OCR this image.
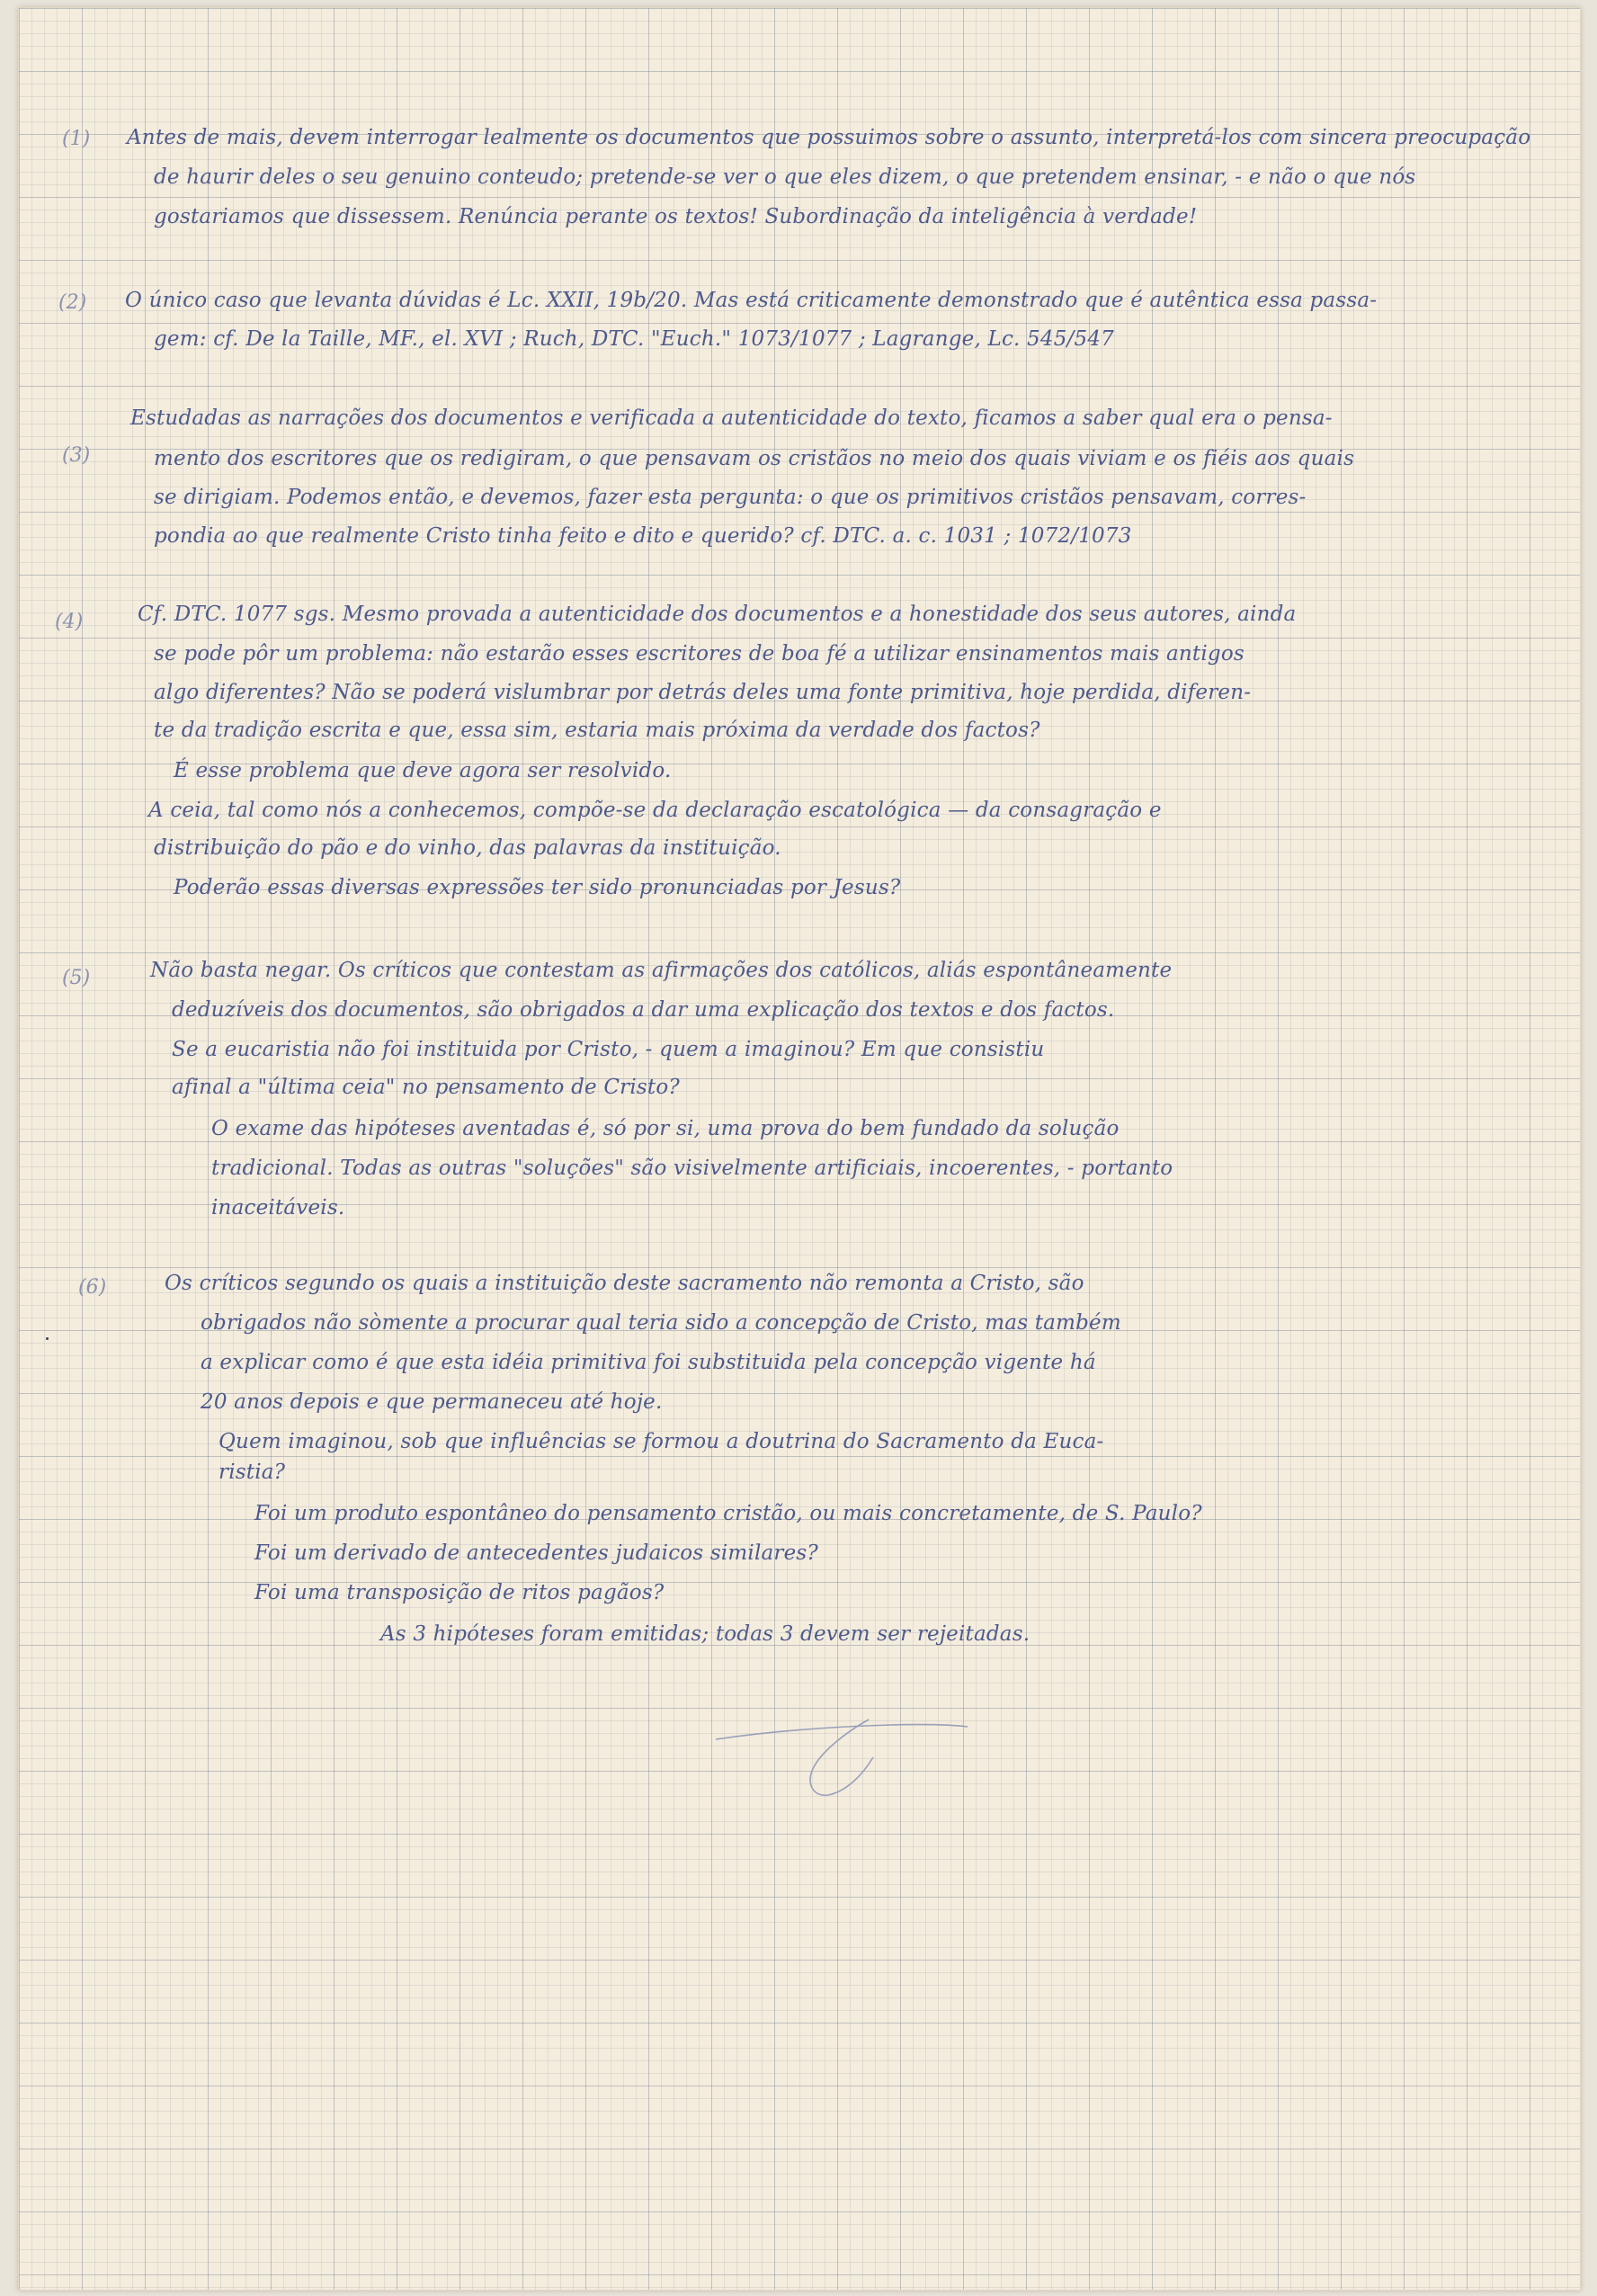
(1) Antes de mais, devem interrogar lealmente os documentos que possuimos sobre o assunto, interpretá-los com sincera preocupação

de haurir deles o seu genuino conteudo; pretende-se ver o que eles dizem, o que pretendem ensinar, - e não o que nós

gostariamos que dissessem. Renúncia perante os textos! Subordinação da inteligência à verdade!

(2) O único caso que levanta dúvidas é Lc. XXII, 19b/20. Mas está criticamente demonstrado que é autêntica essa passa-

gem: cf. De la Taille, MF., el. XVI ; Ruch, DTC. "Euch." 1073/1077 ; Lagrange, Lc. 545/547

(3)

Estudadas as narrações dos documentos e verificada a autenticidade do texto, ficamos a saber qual era o pensa-

mento dos escritores que os redigiram, o que pensavam os cristãos no meio dos quais viviam e os fiéis aos quais

se dirigiam. Podemos então, e devemos, fazer esta pergunta: o que os primitivos cristãos pensavam, corres-

pondia ao que realmente Cristo tinha feito e dito e querido? cf. DTC. a. c. 1031 ; 1072/1073

(4)	Cf. DTC. 1077 sgs. Mesmo provada a autenticidade dos documentos e a honestidade dos seus autores, ainda

se pode pôr um problema: não estarão esses escritores de boa fé a utilizar ensinamentos mais antigos

algo diferentes? Não se poderá vislumbrar por detrás deles uma fonte primitiva, hoje perdida, diferen-

te da tradição escrita e que, essa sim, estaria mais próxima da verdade dos factos?

É esse problema que deve agora ser resolvido.

A ceia, tal como nós a conhecemos, compõe-se da declaração escatológica — da consagração e

distribuição do pão e do vinho, das palavras da instituição.

Poderão essas diversas expressões ter sido pronunciadas por Jesus?

(5)	Não basta negar. Os críticos que contestam as afirmações dos católicos, aliás espontâneamente

deduzíveis dos documentos, são obrigados a dar uma explicação dos textos e dos factos.

Se a eucaristia não foi instituida por Cristo, - quem a imaginou? Em que consistiu

afinal a "última ceia" no pensamento de Cristo?

O exame das hipóteses aventadas é, só por si, uma prova do bem fundado da solução

tradicional. Todas as outras "soluções" são visivelmente artificiais, incoerentes, - portanto

inaceitáveis.

(6)	Os críticos segundo os quais a instituição deste sacramento não remonta a Cristo, são

obrigados não sòmente a procurar qual teria sido a concepção de Cristo, mas também

a explicar como é que esta idéia primitiva foi substituida pela concepção vigente há

20 anos depois e que permaneceu até hoje.

Quem imaginou, sob que influências se formou a doutrina do Sacramento da Euca-

ristia?

Foi um produto espontâneo do pensamento cristão, ou mais concretamente, de S. Paulo?

Foi um derivado de antecedentes judaicos similares?

Foi uma transposição de ritos pagãos?

As 3 hipóteses foram emitidas; todas 3 devem ser rejeitadas.
